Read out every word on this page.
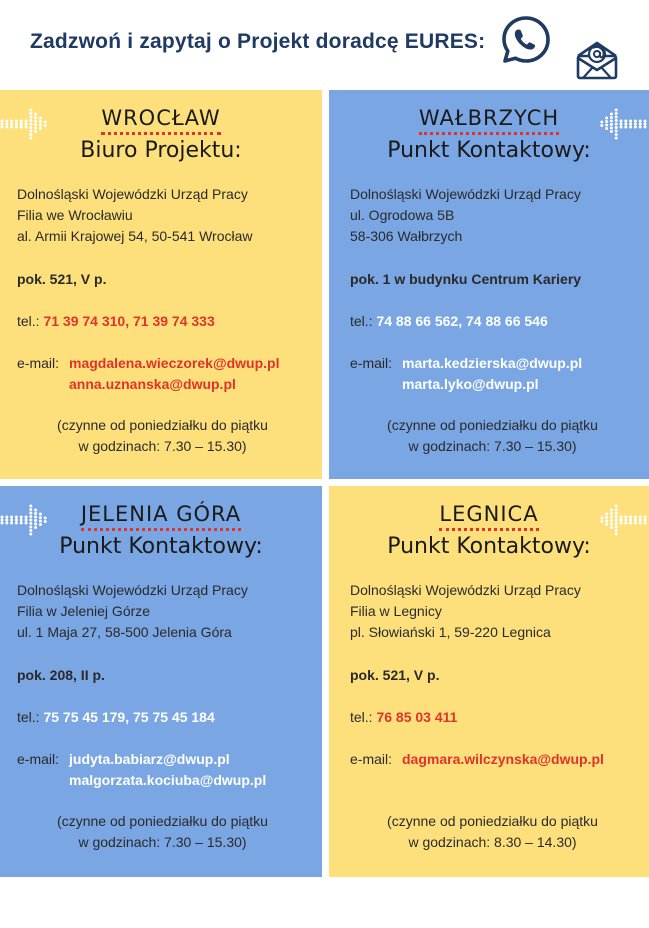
Zadzwoń i zapytaj o Projekt doradcę EURES:
WROCŁAW
Biuro Projektu:
Dolnośląski Wojewódzki Urząd Pracy
Filia we Wrocławiu
al. Armii Krajowej 54, 50-541 Wrocław
pok. 521, V p.
tel.: 71 39 74 310, 71 39 74 333
e-mail: magdalena.wieczorek@dwup.pl
anna.uznanska@dwup.pl
(czynne od poniedziałku do piątku
w godzinach: 7.30 – 15.30)
WAŁBRZYCH
Punkt Kontaktowy:
Dolnośląski Wojewódzki Urząd Pracy
ul. Ogrodowa 5B
58-306 Wałbrzych
pok. 1 w budynku Centrum Kariery
tel.: 74 88 66 562, 74 88 66 546
e-mail: marta.kedzierska@dwup.pl
marta.lyko@dwup.pl
(czynne od poniedziałku do piątku
w godzinach: 7.30 – 15.30)
JELENIA GÓRA
Punkt Kontaktowy:
Dolnośląski Wojewódzki Urząd Pracy
Filia w Jeleniej Górze
ul. 1 Maja 27, 58-500 Jelenia Góra
pok. 208, II p.
tel.: 75 75 45 179, 75 75 45 184
e-mail: judyta.babiarz@dwup.pl
malgorzata.kociuba@dwup.pl
(czynne od poniedziałku do piątku
w godzinach: 7.30 – 15.30)
LEGNICA
Punkt Kontaktowy:
Dolnośląski Wojewódzki Urząd Pracy
Filia w Legnicy
pl. Słowiański 1, 59-220 Legnica
pok. 521, V p.
tel.: 76 85 03 411
e-mail: dagmara.wilczynska@dwup.pl
(czynne od poniedziałku do piątku
w godzinach: 8.30 – 14.30)
